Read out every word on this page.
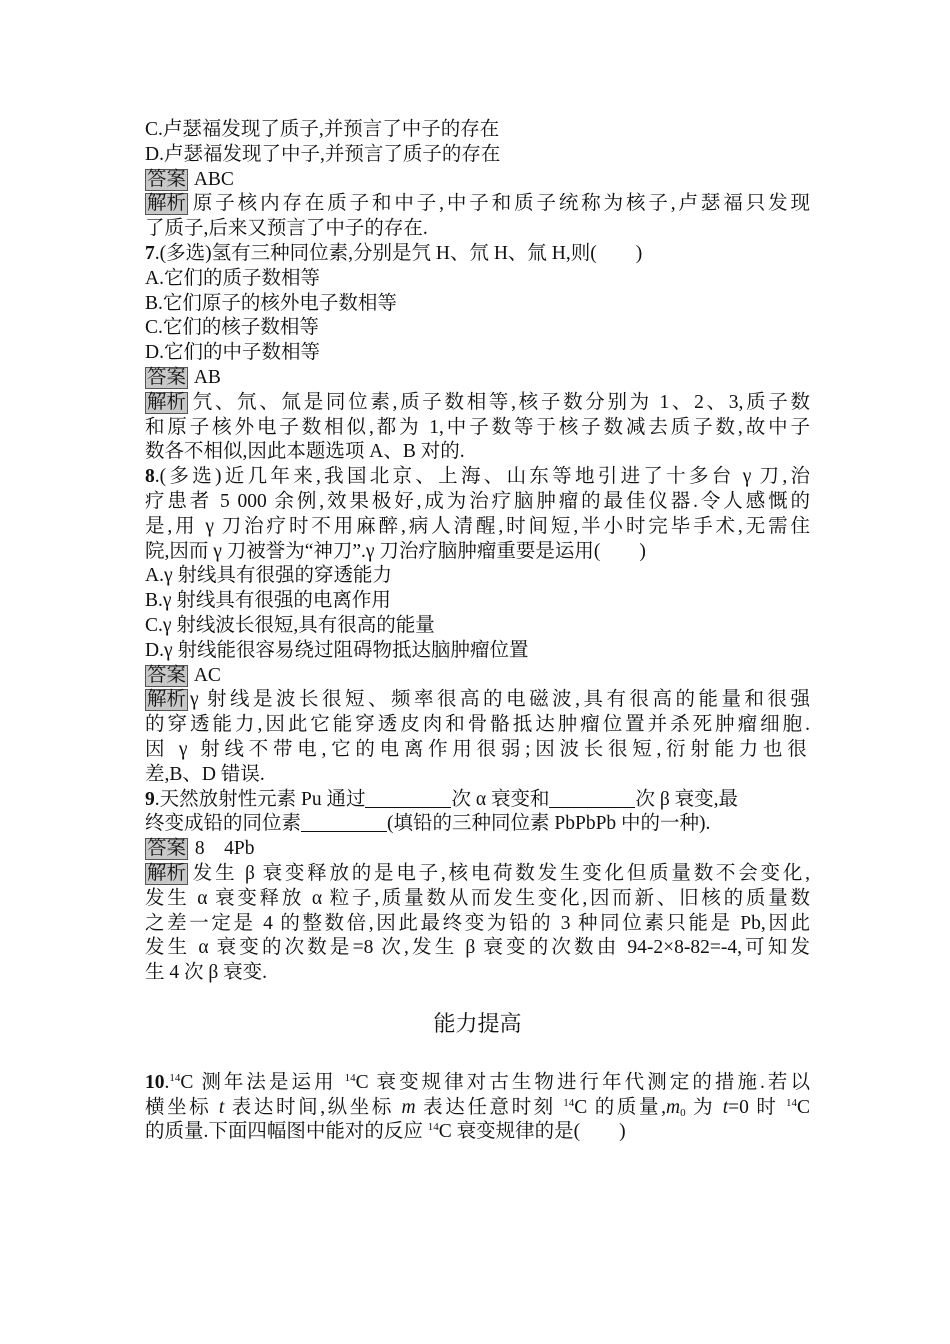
C.卢瑟福发现了质子,并预言了中子的存在
D.卢瑟福发现了中子,并预言了质子的存在
答案 ABC
解析 原子核内存在质子和中子,中子和质子统称为核子,卢瑟福只发现
了质子,后来又预言了中子的存在.
7.(多选)氢有三种同位素,分别是氕 H、氘 H、氚 H,则(　　)
A.它们的质子数相等
B.它们原子的核外电子数相等
C.它们的核子数相等
D.它们的中子数相等
答案 AB
解析 氕、氘、氚是同位素,质子数相等,核子数分别为 1、2、3,质子数
和原子核外电子数相似,都为 1,中子数等于核子数减去质子数,故中子
数各不相似,因此本题选项 A、B 对的.
8.(多选)近几年来,我国北京、上海、山东等地引进了十多台 γ 刀,治
疗患者 5 000 余例,效果极好,成为治疗脑肿瘤的最佳仪器.令人感慨的
是,用 γ 刀治疗时不用麻醉,病人清醒,时间短,半小时完毕手术,无需住
院,因而 γ 刀被誉为“神刀”.γ 刀治疗脑肿瘤重要是运用(　　)
A.γ 射线具有很强的穿透能力
B.γ 射线具有很强的电离作用
C.γ 射线波长很短,具有很高的能量
D.γ 射线能很容易绕过阻碍物抵达脑肿瘤位置
答案 AC
解析 γ 射线是波长很短、频率很高的电磁波,具有很高的能量和很强
的穿透能力,因此它能穿透皮肉和骨骼抵达肿瘤位置并杀死肿瘤细胞.
因 γ 射线不带电,它的电离作用很弱;因波长很短,衍射能力也很
差,B、D 错误.
9.天然放射性元素 Pu 通过	次 α 衰变和	次 β 衰变,最
终变成铅的同位素	(填铅的三种同位素 PbPbPb 中的一种).
答案 8　4Pb
解析 发生 β 衰变释放的是电子,核电荷数发生变化但质量数不会变化,
发生 α 衰变释放 α 粒子,质量数从而发生变化,因而新、旧核的质量数
之差一定是 4 的整数倍,因此最终变为铅的 3 种同位素只能是 Pb,因此
发生 α 衰变的次数是=8 次,发生 β 衰变的次数由 94-2×8-82=-4,可知发
生 4 次 β 衰变.
能力提高
10.14C 测年法是运用 $^{14}$C 衰变规律对古生物进行年代测定的措施.若以
横坐标 t 表达时间,纵坐标 m 表达任意时刻 $^{14}$C 的质量$,m_0$ 为 t=0 时 $^{14}$C
的质量.下面四幅图中能对的反应 $^{14}$C 衰变规律的是(　　)
